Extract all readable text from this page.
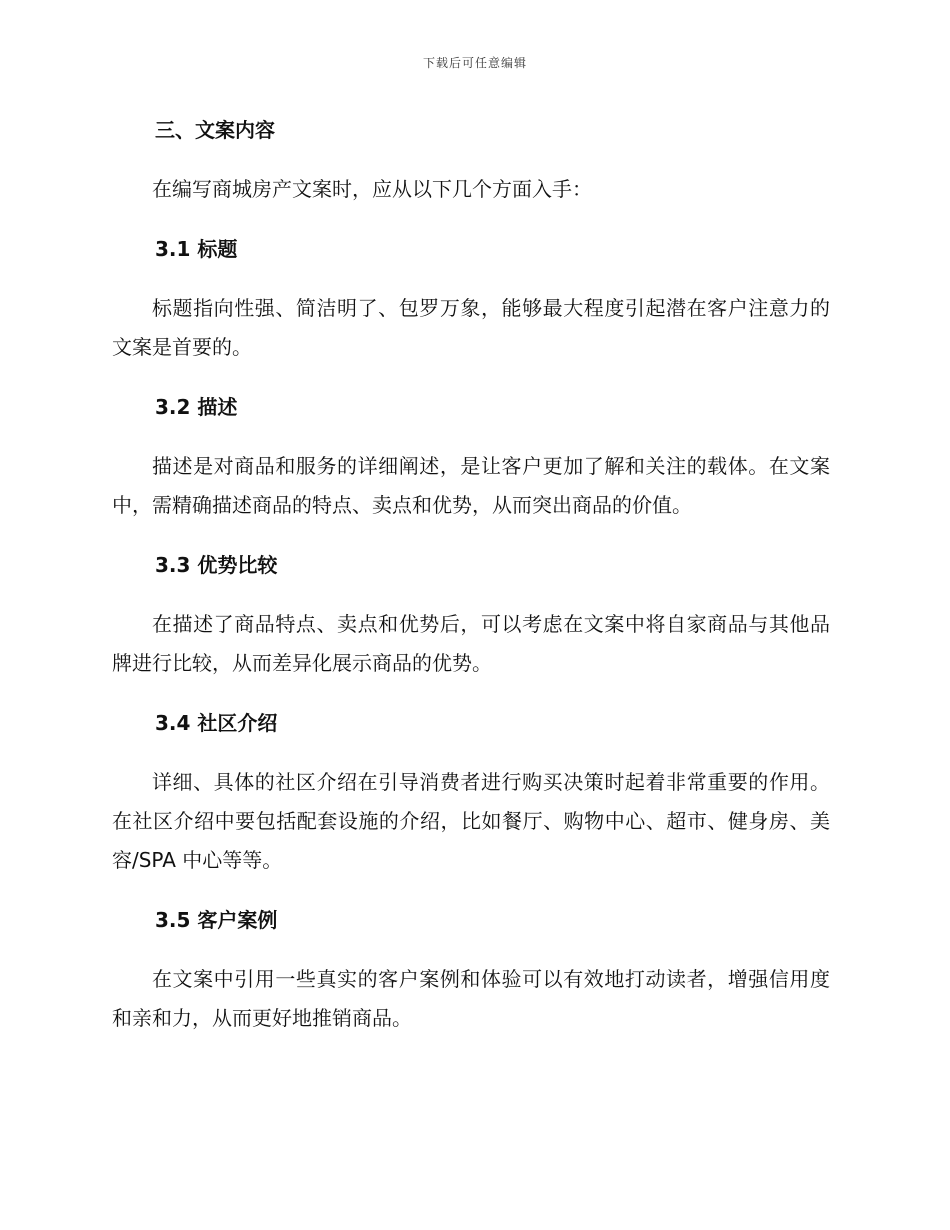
下载后可任意编辑
三、文案内容

在编写商城房产文案时，应从以下几个方面入手：

3.1 标题

标题指向性强、简洁明了、包罗万象，能够最大程度引起潜在客户注意力的文案是首要的。

3.2 描述

描述是对商品和服务的详细阐述，是让客户更加了解和关注的载体。在文案中，需精确描述商品的特点、卖点和优势，从而突出商品的价值。

3.3 优势比较

在描述了商品特点、卖点和优势后，可以考虑在文案中将自家商品与其他品牌进行比较，从而差异化展示商品的优势。

3.4 社区介绍

详细、具体的社区介绍在引导消费者进行购买决策时起着非常重要的作用。在社区介绍中要包括配套设施的介绍，比如餐厅、购物中心、超市、健身房、美容/SPA 中心等等。

3.5 客户案例

在文案中引用一些真实的客户案例和体验可以有效地打动读者，增强信用度和亲和力，从而更好地推销商品。
